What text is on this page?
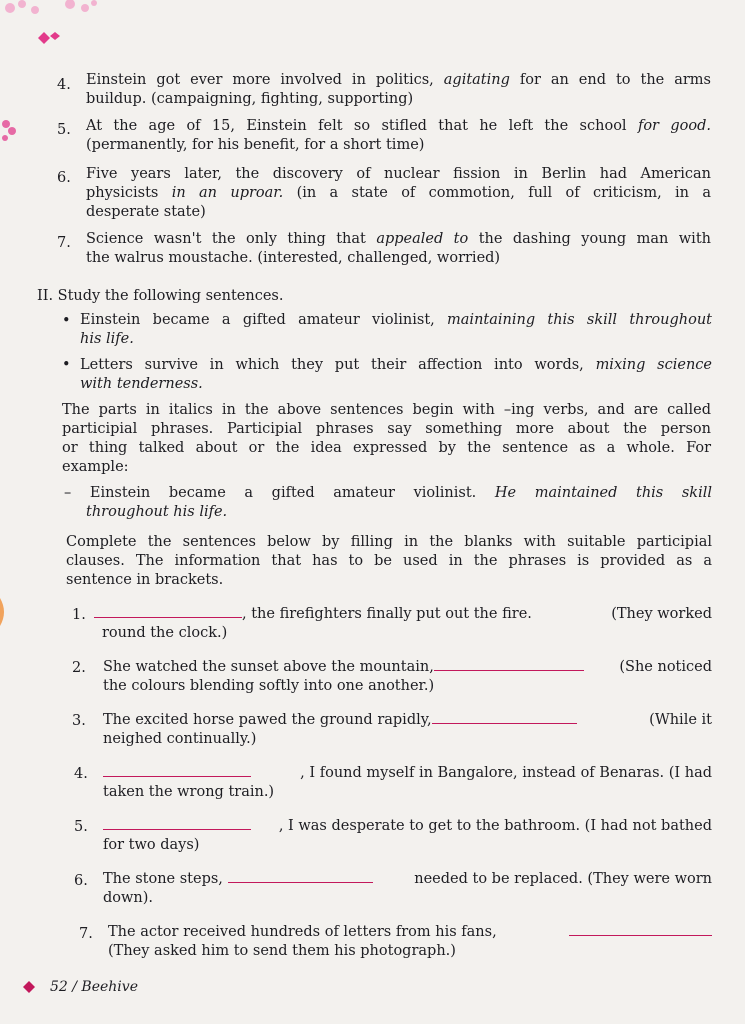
4. Einstein got ever more involved in politics, agitating for an end to the arms
buildup. (campaigning, fighting, supporting)
5. At the age of 15, Einstein felt so stifled that he left the school for good.
(permanently, for his benefit, for a short time)
6. Five years later, the discovery of nuclear fission in Berlin had American
physicists in an uproar. (in a state of commotion, full of criticism, in a
desperate state)
7. Science wasn't the only thing that appealed to the dashing young man with
the walrus moustache. (interested, challenged, worried)
II. Study the following sentences.
• Einstein became a gifted amateur violinist, maintaining this skill throughout
his life.
• Letters survive in which they put their affection into words, mixing science
with tenderness.
The parts in italics in the above sentences begin with –ing verbs, and are called
participial phrases. Participial phrases say something more about the person
or thing talked about or the idea expressed by the sentence as a whole. For
example:
– Einstein became a gifted amateur violinist. He maintained this skill
throughout his life.
Complete the sentences below by filling in the blanks with suitable participial
clauses. The information that has to be used in the phrases is provided as a
sentence in brackets.
1.	, the firefighters finally put out the fire.	(They worked
round the clock.)
2. She watched the sunset above the mountain,	(She noticed
the colours blending softly into one another.)
3. The excited horse pawed the ground rapidly,	(While it
neighed continually.)
4.	, I found myself in Bangalore, instead of Benaras. (I had
taken the wrong train.)
5.	, I was desperate to get to the bathroom. (I had not bathed
for two days)
6. The stone steps,	needed to be replaced. (They were worn
down).
7. The actor received hundreds of letters from his fans,
(They asked him to send them his photograph.)
52 / Beehive
